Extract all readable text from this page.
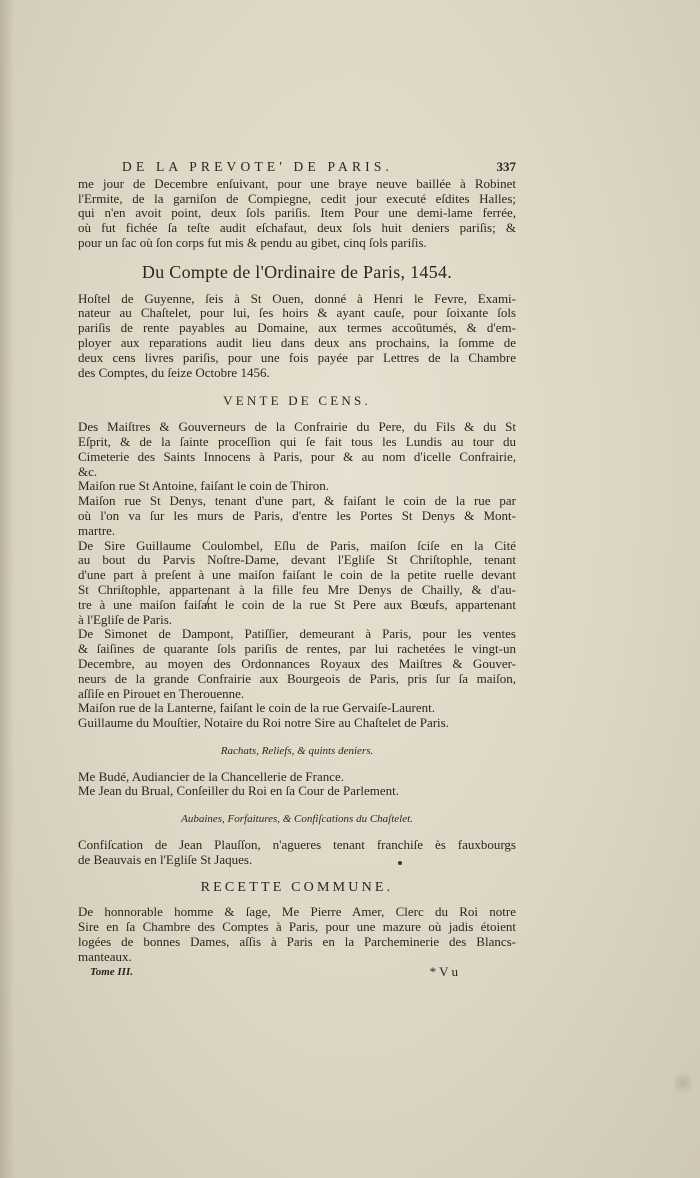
DE LA PREVOTE' DE PARIS.	337
me jour de Decembre enſuivant, pour une braye neuve baillée à Robinet
l'Ermite, de la garniſon de Compiegne, cedit jour executé eſdites Halles;
qui n'en avoit point, deux ſols pariſis. Item Pour une demi-lame ferrée,
où fut fichée ſa teſte audit eſchafaut, deux ſols huit deniers pariſis; &
pour un ſac où ſon corps fut mis & pendu au gibet, cinq ſols pariſis.
Du Compte de l'Ordinaire de Paris, 1454.
Hoſtel de Guyenne, ſeis à St Ouen, donné à Henri le Fevre, Exami-
nateur au Chaſtelet, pour lui, ſes hoirs & ayant cauſe, pour ſoixante ſols
pariſis de rente payables au Domaine, aux termes accoûtumés, & d'em-
ployer aux reparations audit lieu dans deux ans prochains, la ſomme de
deux cens livres pariſis, pour une fois payée par Lettres de la Chambre
des Comptes, du ſeize Octobre 1456.
VENTE DE CENS.
Des Maiſtres & Gouverneurs de la Confrairie du Pere, du Fils & du St
Eſprit, & de la ſainte proceſſion qui ſe fait tous les Lundis au tour du
Cimeterie des Saints Innocens à Paris, pour & au nom d'icelle Confrairie,
&c.
Maiſon rue St Antoine, faiſant le coin de Thiron.
Maiſon rue St Denys, tenant d'une part, & faiſant le coin de la rue par
où l'on va ſur les murs de Paris, d'entre les Portes St Denys & Mont-
martre.
De Sire Guillaume Coulombel, Eſlu de Paris, maiſon ſciſe en la Cité
au bout du Parvis Noſtre-Dame, devant l'Egliſe St Chriſtophle, tenant
d'une part à preſent à une maiſon faiſant le coin de la petite ruelle devant
St Chriſtophle, appartenant à la fille feu Mre Denys de Chailly, & d'au-
tre à une maiſon faiſant le coin de la rue St Pere aux Bœufs, appartenant
à l'Egliſe de Paris.
De Simonet de Dampont, Patiſſier, demeurant à Paris, pour les ventes
& ſaiſines de quarante ſols pariſis de rentes, par lui rachetées le vingt-un
Decembre, au moyen des Ordonnances Royaux des Maiſtres & Gouver-
neurs de la grande Confrairie aux Bourgeois de Paris, pris ſur ſa maiſon,
aſſiſe en Pirouet en Therouenne.
Maiſon rue de la Lanterne, faiſant le coin de la rue Gervaiſe-Laurent.
Guillaume du Mouſtier, Notaire du Roi notre Sire au Chaſtelet de Paris.
Rachats, Reliefs, & quints deniers.
Me Budé, Audiancier de la Chancellerie de France.
Me Jean du Brual, Conſeiller du Roi en ſa Cour de Parlement.
Aubaines, Forfaitures, & Confiſcations du Chaſtelet.
Confiſcation de Jean Plauſſon, n'agueres tenant franchiſe ès fauxbourgs
de Beauvais en l'Egliſe St Jaques.
RECETTE COMMUNE.
De honnorable homme & ſage, Me Pierre Amer, Clerc du Roi notre
Sire en ſa Chambre des Comptes à Paris, pour une mazure où jadis étoient
logées de bonnes Dames, aſſis à Paris en la Parcheminerie des Blancs-
manteaux.
Tome III.	* V u
